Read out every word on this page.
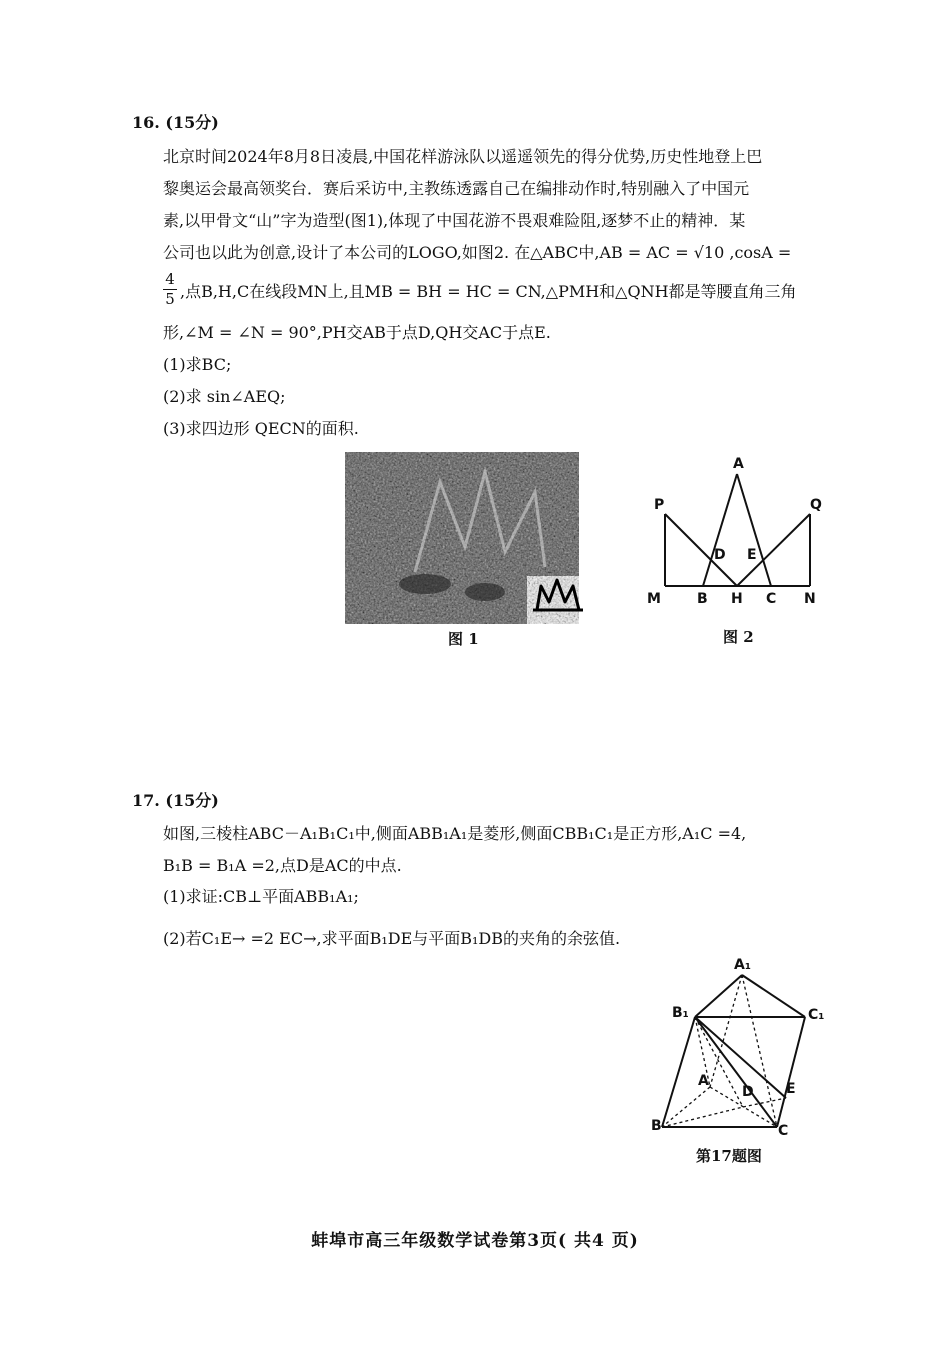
16. (15分)
北京时间2024年8月8日凌晨,中国花样游泳队以遥遥领先的得分优势,历史性地登上巴
黎奥运会最高领奖台．赛后采访中,主教练透露自己在编排动作时,特别融入了中国元
素,以甲骨文“山”字为造型(图1),体现了中国花游不畏艰难险阻,逐梦不止的精神．某
公司也以此为创意,设计了本公司的LOGO,如图2. 在△ABC中,AB = AC = √10 ,cosA =
4
5 ,点B,H,C在线段MN上,且MB = BH = HC = CN,△PMH和△QNH都是等腰直角三角
形,∠M = ∠N = 90°,PH交AB于点D,QH交AC于点E.
(1)求BC;
(2)求 sin∠AEQ;
(3)求四边形 QECN的面积.
图 1
A
P	Q
D E
M	B H C N
图 2
17. (15分)
如图,三棱柱ABC－A₁B₁C₁中,侧面ABB₁A₁是菱形,侧面CBB₁C₁是正方形,A₁C =4,
B₁B = B₁A =2,点D是AC的中点.
(1)求证:CB⊥平面ABB₁A₁;
(2)若C₁E→ =2 EC→,求平面B₁DE与平面B₁DB的夹角的余弦值.
A₁
B₁	C₁
A
D E
B	C
第17题图
蚌埠市高三年级数学试卷第3页( 共4 页)
